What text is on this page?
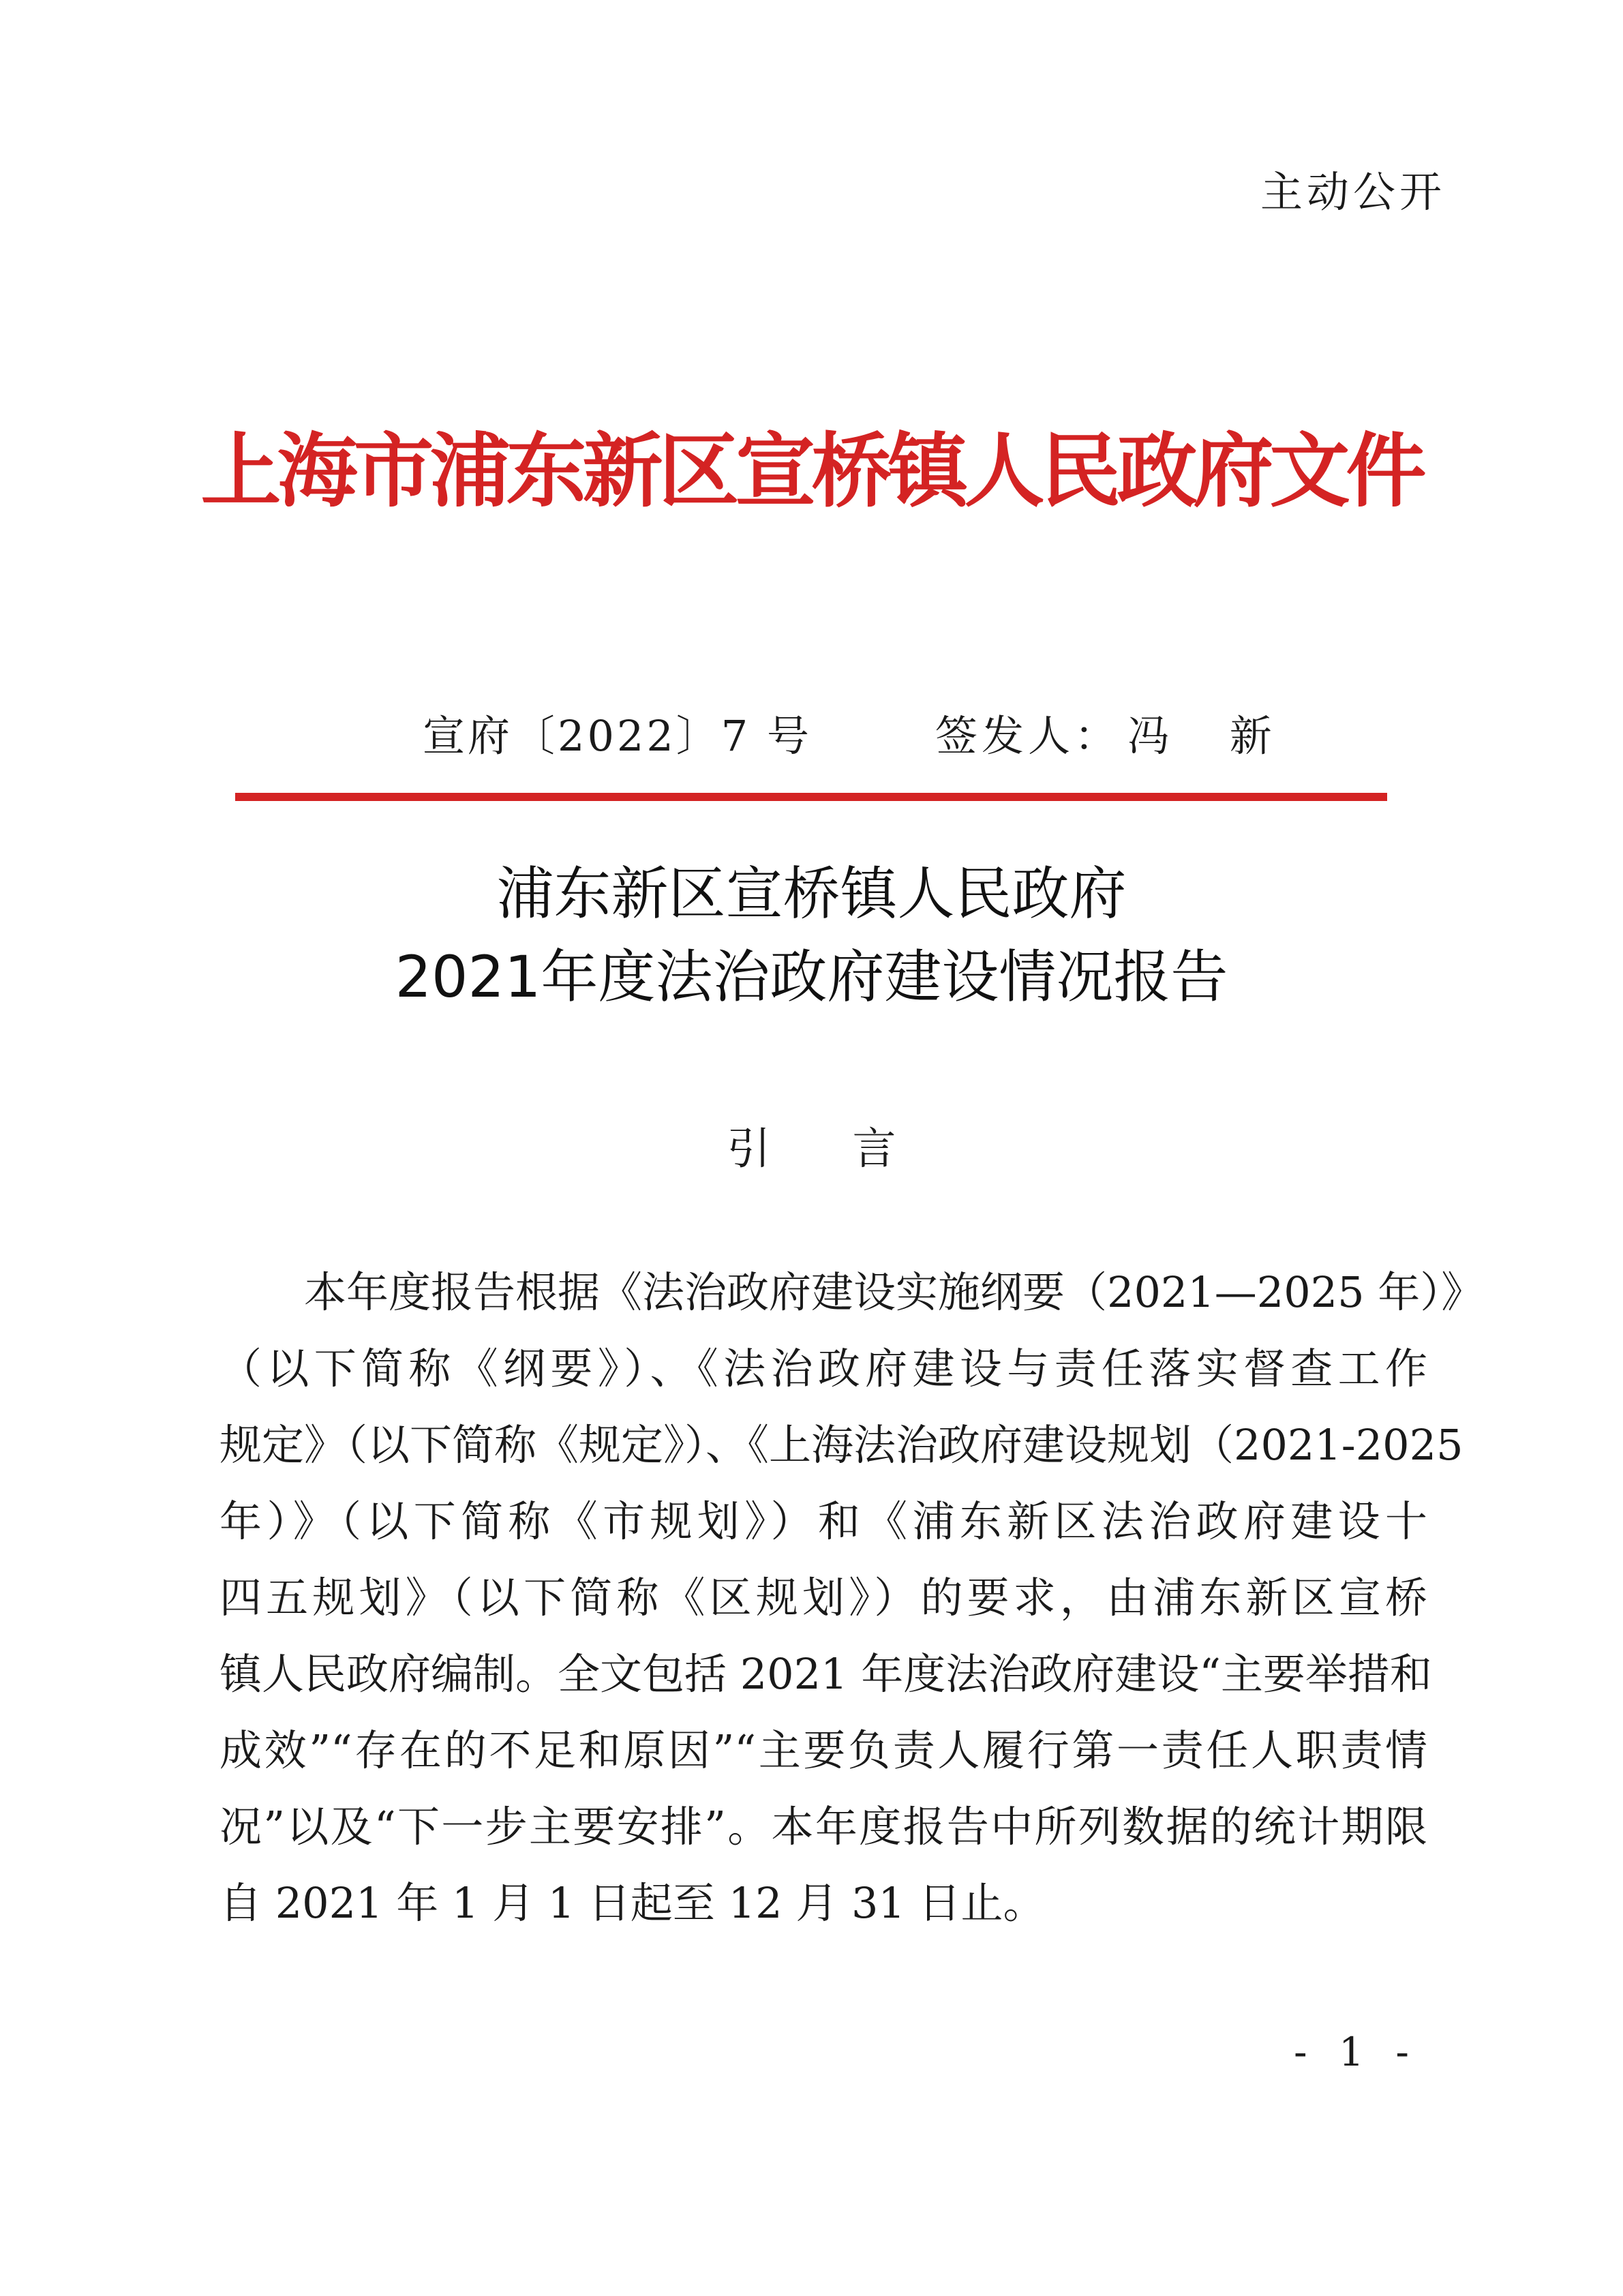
主动公开
上海市浦东新区宣桥镇人民政府文件
宣府〔2022〕7 号	签发人： 冯 新
浦东新区宣桥镇人民政府
2021年度法治政府建设情况报告
引言
本年度报告根据《法治政府建设实施纲要（2021—2025 年）》
（以下简称《纲要》）、《法治政府建设与责任落实督查工作
规定》（以下简称《规定》）、《上海法治政府建设规划（2021-2025
年）》（以下简称《市规划》）和《浦东新区法治政府建设十
四五规划》（以下简称《区规划》）的要求，由浦东新区宣桥
镇人民政府编制。全文包括 2021 年度法治政府建设“主要举措和
成效”“存在的不足和原因”“主要负责人履行第一责任人职责情
况”以及“下一步主要安排”。本年度报告中所列数据的统计期限
自 2021 年 1 月 1 日起至 12 月 31 日止。
- 1 -
